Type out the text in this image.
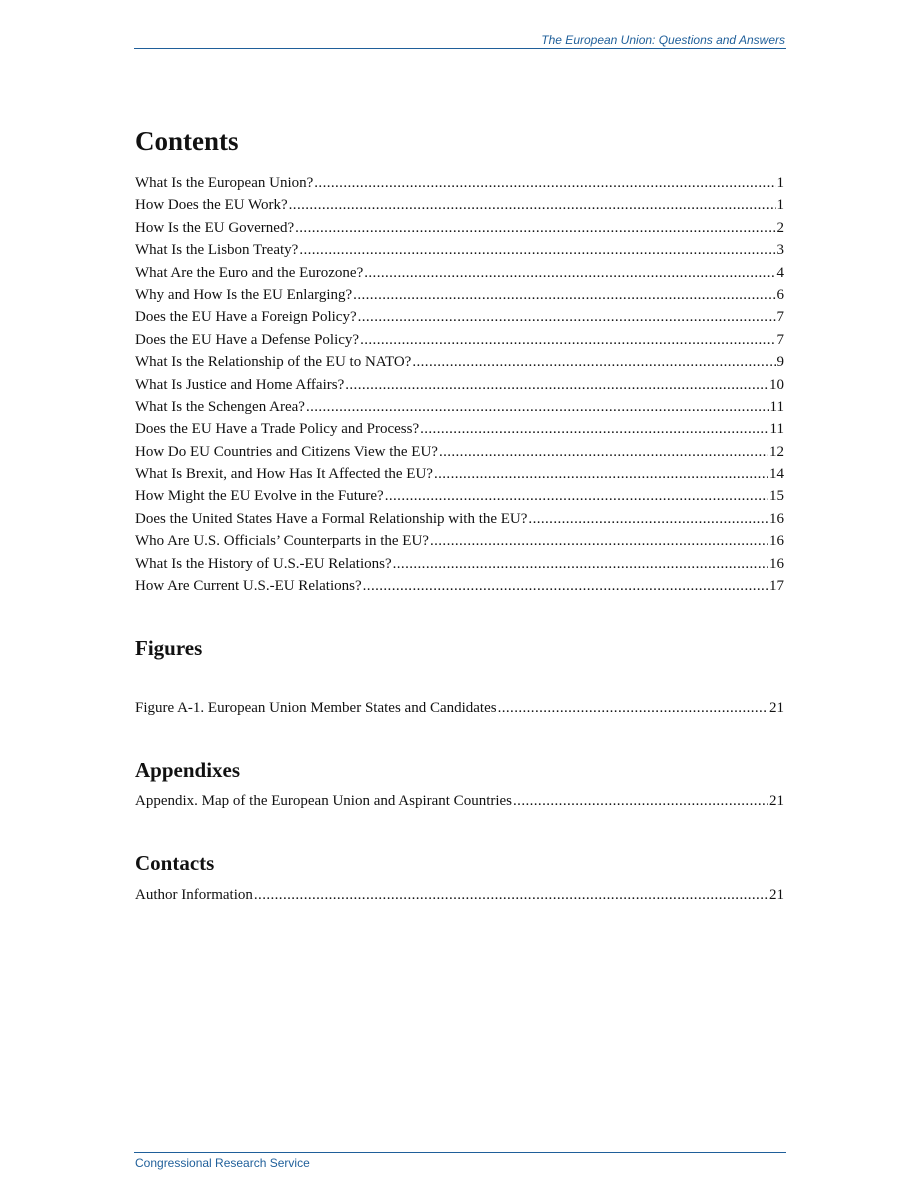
The European Union: Questions and Answers
Contents
What Is the European Union? .....	1
How Does the EU Work? .....	1
How Is the EU Governed? .....	2
What Is the Lisbon Treaty? .....	3
What Are the Euro and the Eurozone? .....	4
Why and How Is the EU Enlarging? .....	6
Does the EU Have a Foreign Policy? .....	7
Does the EU Have a Defense Policy? .....	7
What Is the Relationship of the EU to NATO? .....	9
What Is Justice and Home Affairs? .....	10
What Is the Schengen Area? .....	11
Does the EU Have a Trade Policy and Process? .....	11
How Do EU Countries and Citizens View the EU? .....	12
What Is Brexit, and How Has It Affected the EU? .....	14
How Might the EU Evolve in the Future? .....	15
Does the United States Have a Formal Relationship with the EU? .....	16
Who Are U.S. Officials’ Counterparts in the EU? .....	16
What Is the History of U.S.-EU Relations? .....	16
How Are Current U.S.-EU Relations? .....	17
Figures
Figure A-1. European Union Member States and Candidates .....	21
Appendixes
Appendix. Map of the European Union and Aspirant Countries .....	21
Contacts
Author Information .....	21
Congressional Research Service
